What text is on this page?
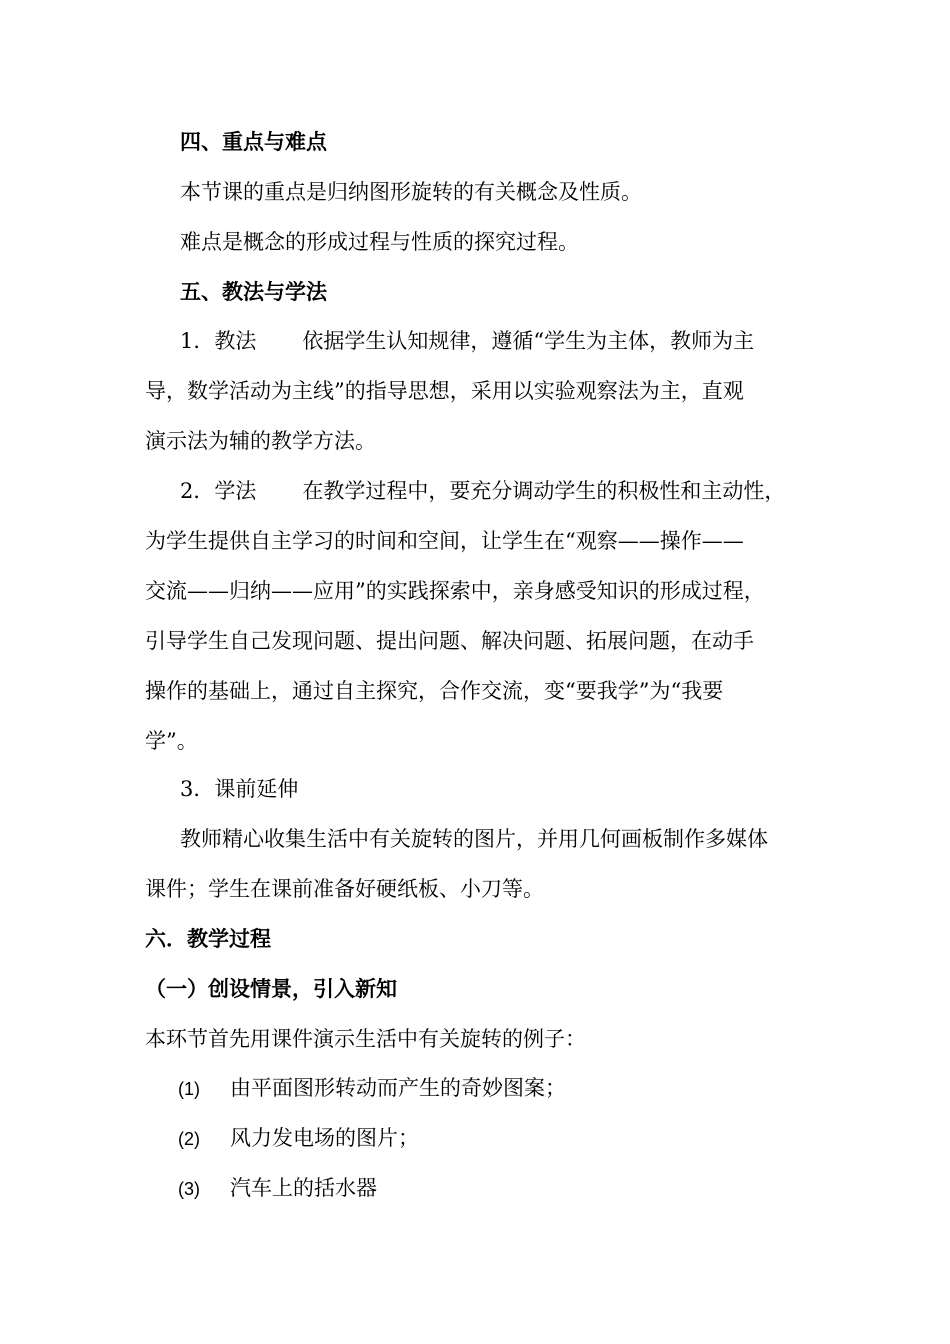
四、重点与难点
本节课的重点是归纳图形旋转的有关概念及性质。
难点是概念的形成过程与性质的探究过程。
五、教法与学法
1．教法 依据学生认知规律，遵循“学生为主体，教师为主
导，数学活动为主线”的指导思想，采用以实验观察法为主，直观
演示法为辅的教学方法。
2．学法 在教学过程中，要充分调动学生的积极性和主动性，
为学生提供自主学习的时间和空间，让学生在“观察——操作——
交流——归纳——应用”的实践探索中，亲身感受知识的形成过程，
引导学生自己发现问题、提出问题、解决问题、拓展问题，在动手
操作的基础上，通过自主探究，合作交流，变“要我学”为“我要
学”。
3．课前延伸
教师精心收集生活中有关旋转的图片，并用几何画板制作多媒体
课件；学生在课前准备好硬纸板、小刀等。
六．教学过程
（一）创设情景，引入新知
本环节首先用课件演示生活中有关旋转的例子：
(1) 由平面图形转动而产生的奇妙图案；
(2) 风力发电场的图片；
(3) 汽车上的括水器
